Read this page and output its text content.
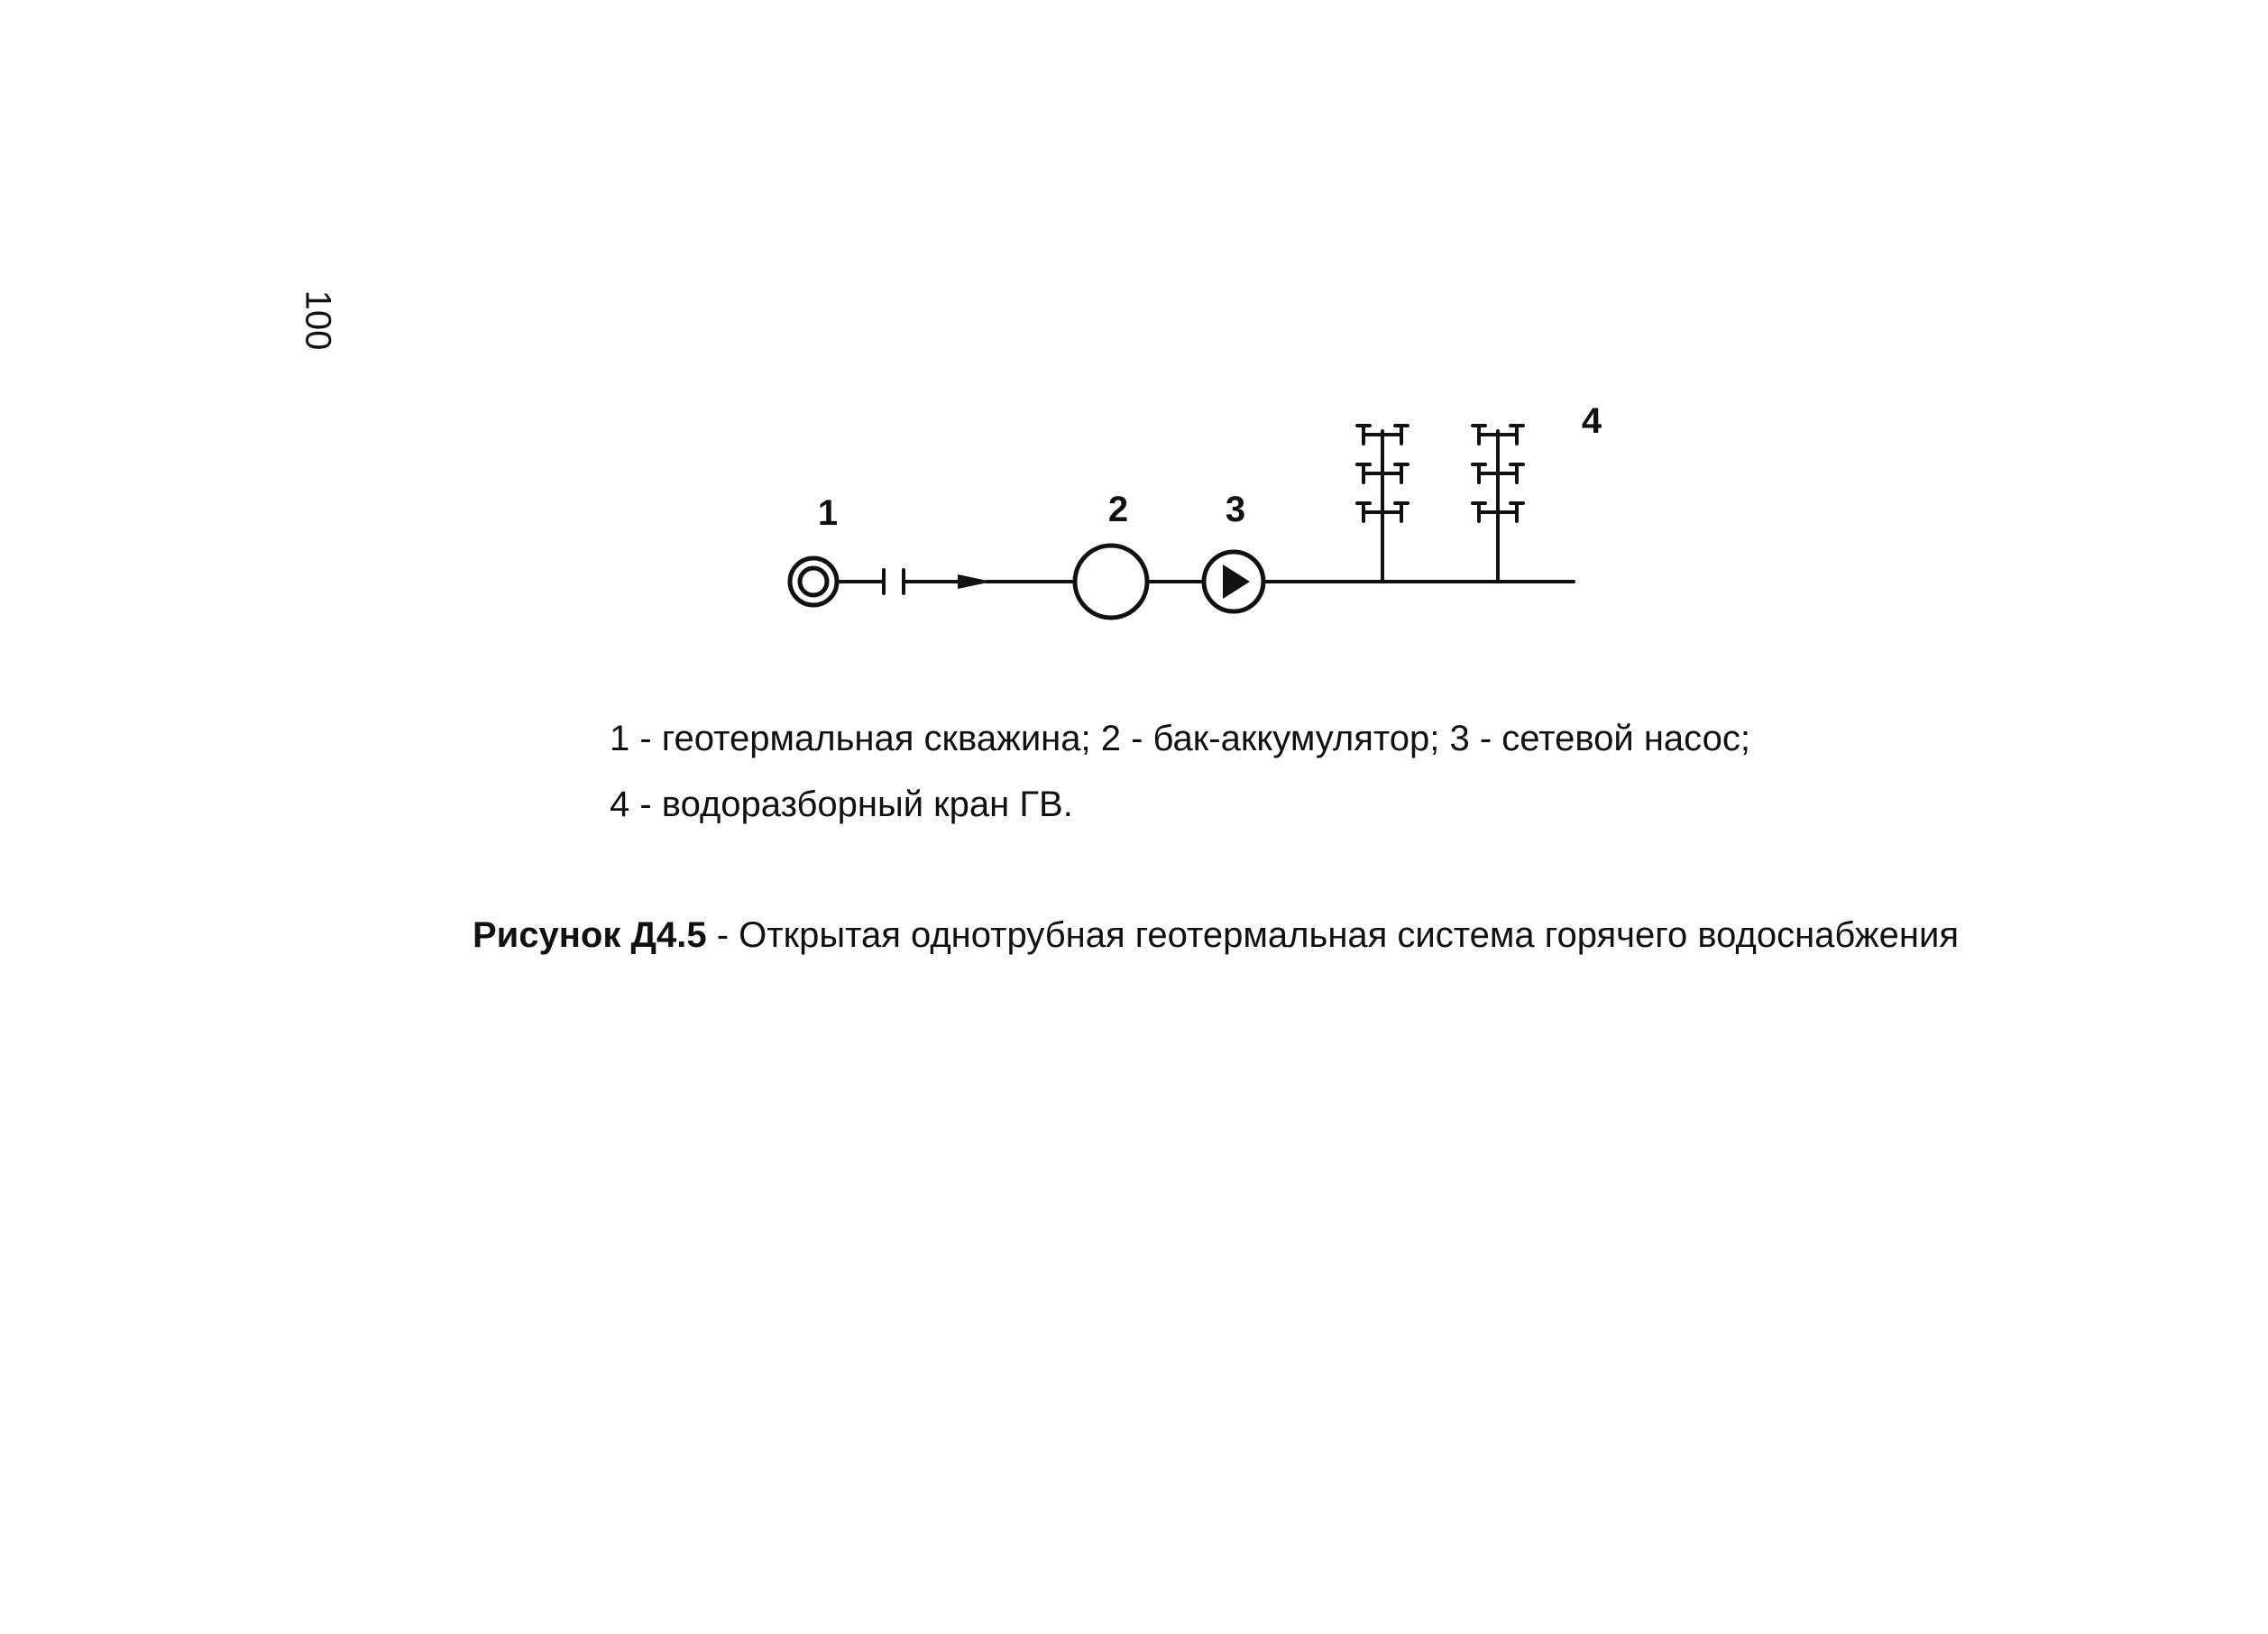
100
1	2	3
4
1 - геотермальная скважина; 2 - бак-аккумулятор; 3 - сетевой насос;
4 - водоразборный кран ГВ.
Рисунок Д4.5 - Открытая однотрубная геотермальная система горячего водоснабжения
